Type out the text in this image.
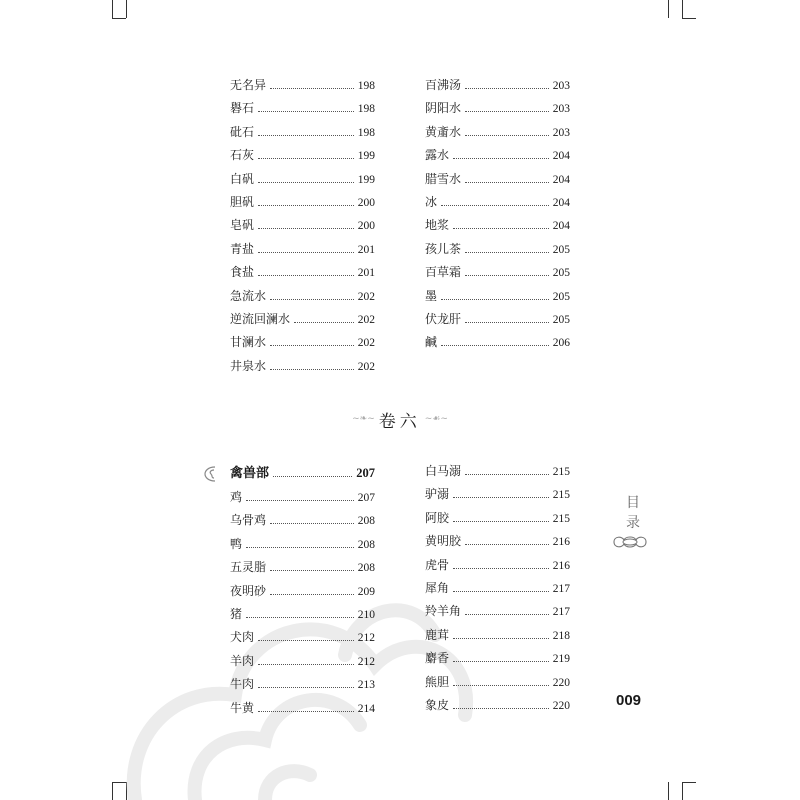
无名异	198
礜石	198
砒石	198
石灰	199
白矾	199
胆矾	200
皂矾	200
青盐	201
食盐	201
急流水	202
逆流回澜水	202
甘澜水	202
井泉水	202
百沸汤	203
阴阳水	203
黄齑水	203
露水	204
腊雪水	204
冰	204
地浆	204
孩儿茶	205
百草霜	205
墨	205
伏龙肝	205
鹹	206
~❧~ 卷六 ~☙~
禽兽部	207
鸡	207
乌骨鸡	208
鸭	208
五灵脂	208
夜明砂	209
猪	210
犬肉	212
羊肉	212
牛肉	213
牛黄	214
白马溺	215
驴溺	215
阿胶	215
黄明胶	216
虎骨	216
犀角	217
羚羊角	217
鹿茸	218
麝香	219
熊胆	220
象皮	220
目录
009
